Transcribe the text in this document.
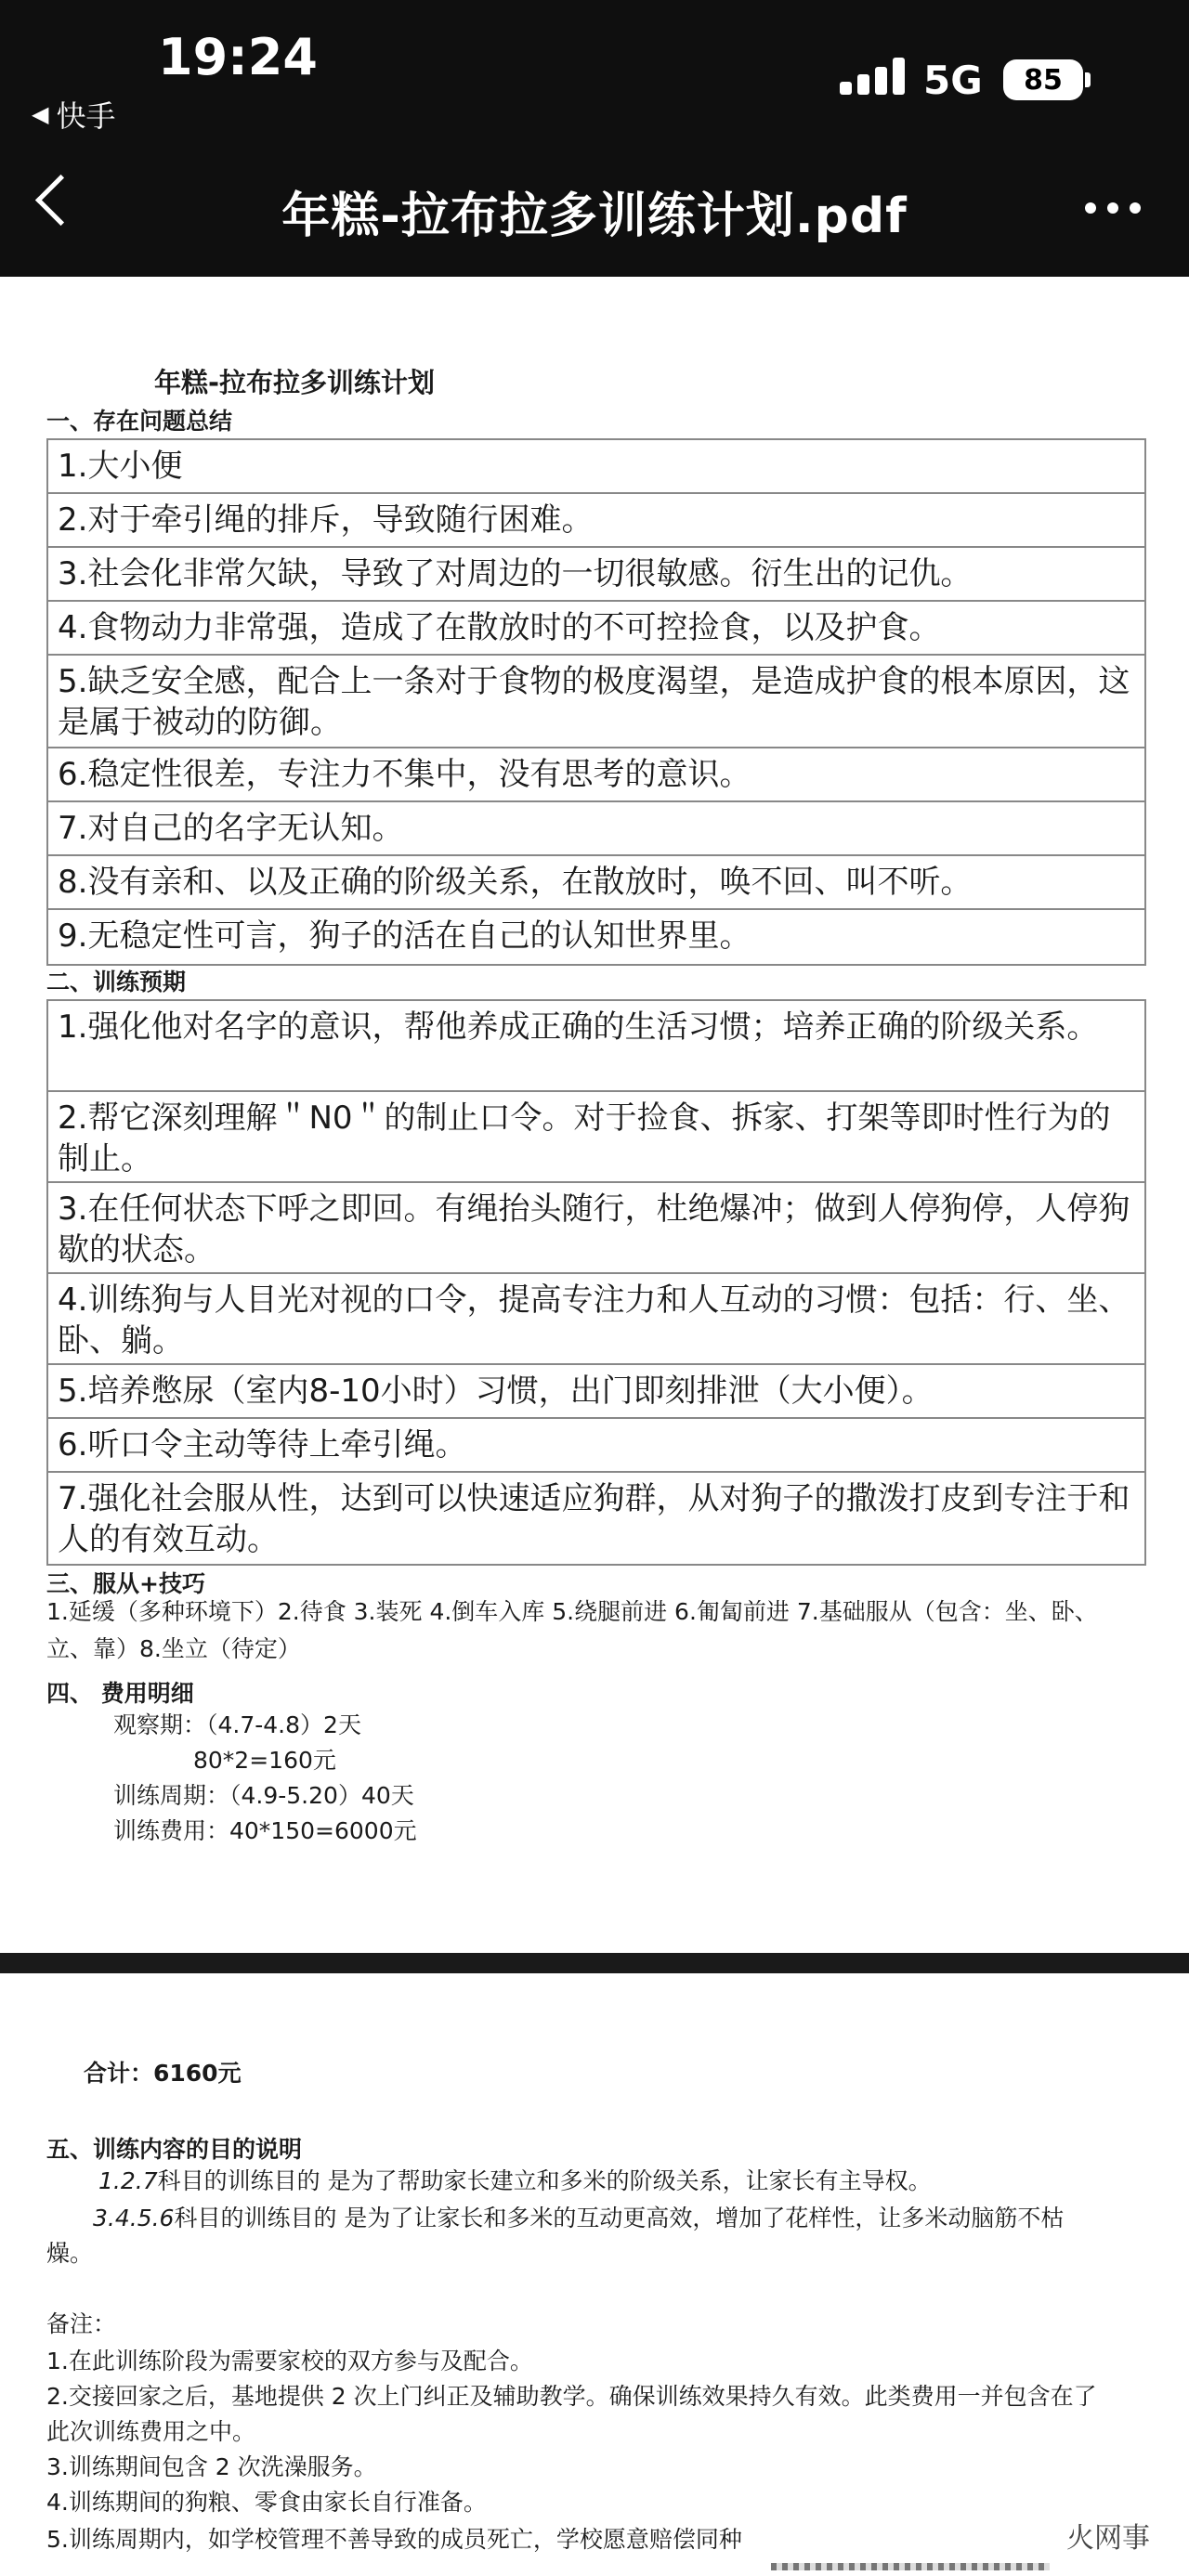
19:24
◀ 快手
5G	85
年糕-拉布拉多训练计划.pdf
年糕-拉布拉多训练计划
一、存在问题总结
1.大小便
2.对于牵引绳的排斥，导致随行困难。
3.社会化非常欠缺，导致了对周边的一切很敏感。衍生出的记仇。
4.食物动力非常强，造成了在散放时的不可控捡食，以及护食。
5.缺乏安全感，配合上一条对于食物的极度渴望，是造成护食的根本原因，这是属于被动的防御。
6.稳定性很差，专注力不集中，没有思考的意识。
7.对自己的名字无认知。
8.没有亲和、以及正确的阶级关系，在散放时，唤不回、叫不听。
9.无稳定性可言，狗子的活在自己的认知世界里。
二、训练预期
1.强化他对名字的意识，帮他养成正确的生活习惯；培养正确的阶级关系。
2.帮它深刻理解＂N0＂的制止口令。对于捡食、拆家、打架等即时性行为的制止。
3.在任何状态下呼之即回。有绳抬头随行，杜绝爆冲；做到人停狗停，人停狗歇的状态。
4.训练狗与人目光对视的口令，提高专注力和人互动的习惯：包括：行、坐、卧、躺。
5.培养憋尿（室内8-10小时）习惯，出门即刻排泄（大小便）。
6.听口令主动等待上牵引绳。
7.强化社会服从性，达到可以快速适应狗群，从对狗子的撒泼打皮到专注于和人的有效互动。
三、服从+技巧
1.延缓（多种环境下）2.待食 3.装死 4.倒车入库 5.绕腿前进 6.匍匐前进 7.基础服从（包含：坐、卧、
立、靠）8.坐立（待定）
四、 费用明细
观察期：（4.7-4.8）2天
80*2=160元
训练周期：（4.9-5.20）40天
训练费用：40*150=6000元
合计：6160元
五、训练内容的目的说明
1.2.7科目的训练目的 是为了帮助家长建立和多米的阶级关系，让家长有主导权。
3.4.5.6科目的训练目的 是为了让家长和多米的互动更高效，增加了花样性，让多米动脑筋不枯
燥。
备注：
1.在此训练阶段为需要家校的双方参与及配合。
2.交接回家之后，基地提供 2 次上门纠正及辅助教学。确保训练效果持久有效。此类费用一并包含在了
此次训练费用之中。
3.训练期间包含 2 次洗澡服务。
4.训练期间的狗粮、零食由家长自行准备。
5.训练周期内，如学校管理不善导致的成员死亡，学校愿意赔偿同种	火网事
